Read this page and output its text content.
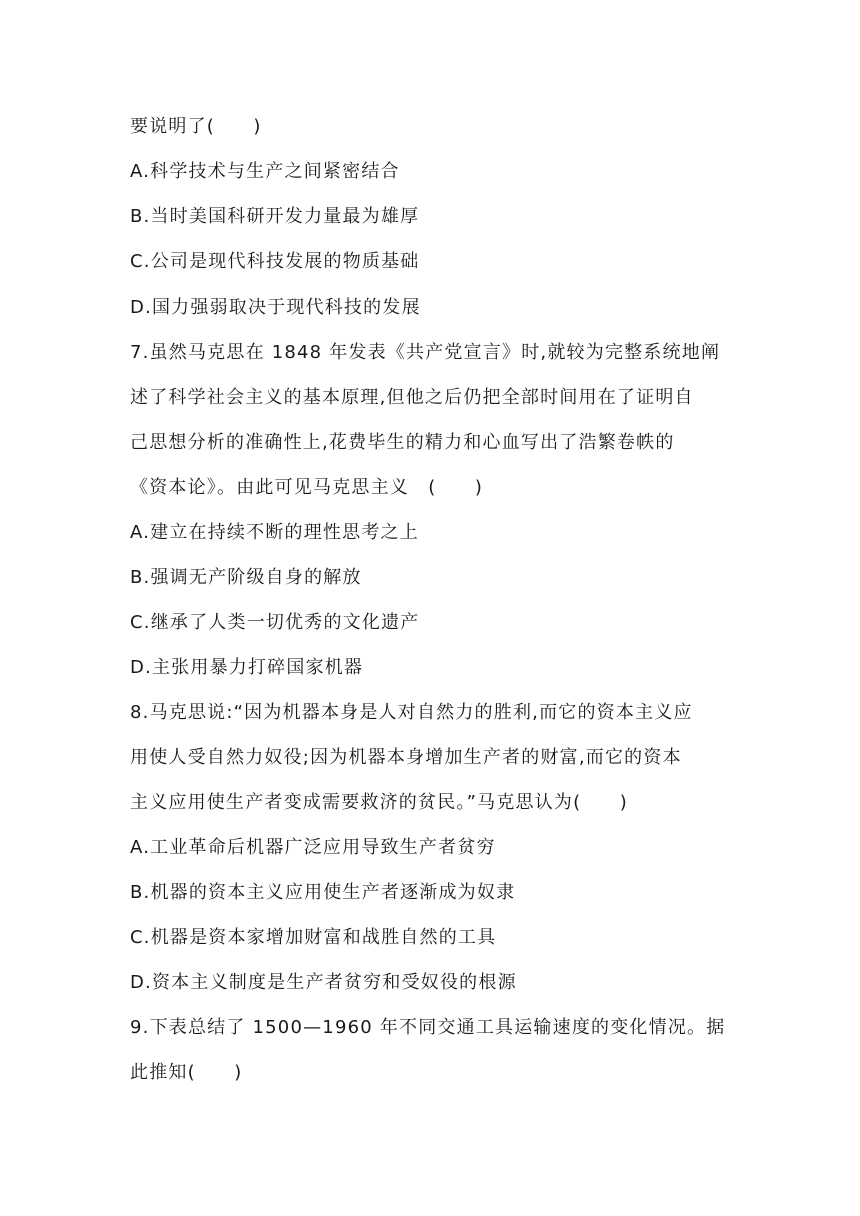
要说明了(　　)
A.科学技术与生产之间紧密结合
B.当时美国科研开发力量最为雄厚
C.公司是现代科技发展的物质基础
D.国力强弱取决于现代科技的发展
7.虽然马克思在 1848 年发表《共产党宣言》时,就较为完整系统地阐
述了科学社会主义的基本原理,但他之后仍把全部时间用在了证明自
己思想分析的准确性上,花费毕生的精力和心血写出了浩繁卷帙的
《资本论》。由此可见马克思主义　(　　)
A.建立在持续不断的理性思考之上
B.强调无产阶级自身的解放
C.继承了人类一切优秀的文化遗产
D.主张用暴力打碎国家机器
8.马克思说:“因为机器本身是人对自然力的胜利,而它的资本主义应
用使人受自然力奴役;因为机器本身增加生产者的财富,而它的资本
主义应用使生产者变成需要救济的贫民。”马克思认为(　　)
A.工业革命后机器广泛应用导致生产者贫穷
B.机器的资本主义应用使生产者逐渐成为奴隶
C.机器是资本家增加财富和战胜自然的工具
D.资本主义制度是生产者贫穷和受奴役的根源
9.下表总结了 1500—1960 年不同交通工具运输速度的变化情况。据
此推知(　　)
